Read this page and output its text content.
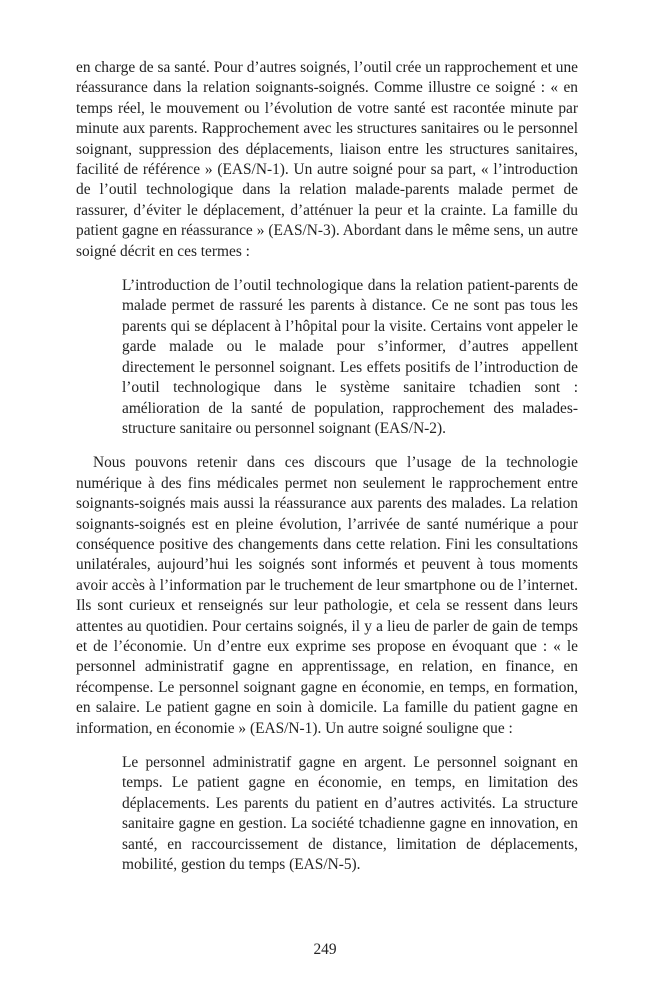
en charge de sa santé. Pour d’autres soignés, l’outil crée un rapprochement et une réassurance dans la relation soignants-soignés. Comme illustre ce soigné : « en temps réel, le mouvement ou l’évolution de votre santé est racontée minute par minute aux parents. Rapprochement avec les structures sanitaires ou le personnel soignant, suppression des déplacements, liaison entre les structures sanitaires, facilité de référence » (EAS/N-1). Un autre soigné pour sa part, « l’introduction de l’outil technologique dans la relation malade-parents malade permet de rassurer, d’éviter le déplacement, d’atténuer la peur et la crainte. La famille du patient gagne en réassurance » (EAS/N-3). Abordant dans le même sens, un autre soigné décrit en ces termes :

L’introduction de l’outil technologique dans la relation patient-parents de malade permet de rassuré les parents à distance. Ce ne sont pas tous les parents qui se déplacent à l’hôpital pour la visite. Certains vont appeler le garde malade ou le malade pour s’informer, d’autres appellent directement le personnel soignant. Les effets positifs de l’introduction de l’outil technologique dans le système sanitaire tchadien sont : amélioration de la santé de population, rapprochement des malades-structure sanitaire ou personnel soignant (EAS/N-2).

Nous pouvons retenir dans ces discours que l’usage de la technologie numérique à des fins médicales permet non seulement le rapprochement entre soignants-soignés mais aussi la réassurance aux parents des malades. La relation soignants-soignés est en pleine évolution, l’arrivée de santé numérique a pour conséquence positive des changements dans cette relation. Fini les consultations unilatérales, aujourd’hui les soignés sont informés et peuvent à tous moments avoir accès à l’information par le truchement de leur smartphone ou de l’internet. Ils sont curieux et renseignés sur leur pathologie, et cela se ressent dans leurs attentes au quotidien. Pour certains soignés, il y a lieu de parler de gain de temps et de l’économie. Un d’entre eux exprime ses propose en évoquant que : « le personnel administratif gagne en apprentissage, en relation, en finance, en récompense. Le personnel soignant gagne en économie, en temps, en formation, en salaire. Le patient gagne en soin à domicile. La famille du patient gagne en information, en économie » (EAS/N-1). Un autre soigné souligne que :

Le personnel administratif gagne en argent. Le personnel soignant en temps. Le patient gagne en économie, en temps, en limitation des déplacements. Les parents du patient en d’autres activités. La structure sanitaire gagne en gestion. La société tchadienne gagne en innovation, en santé, en raccourcissement de distance, limitation de déplacements, mobilité, gestion du temps (EAS/N-5).
249
